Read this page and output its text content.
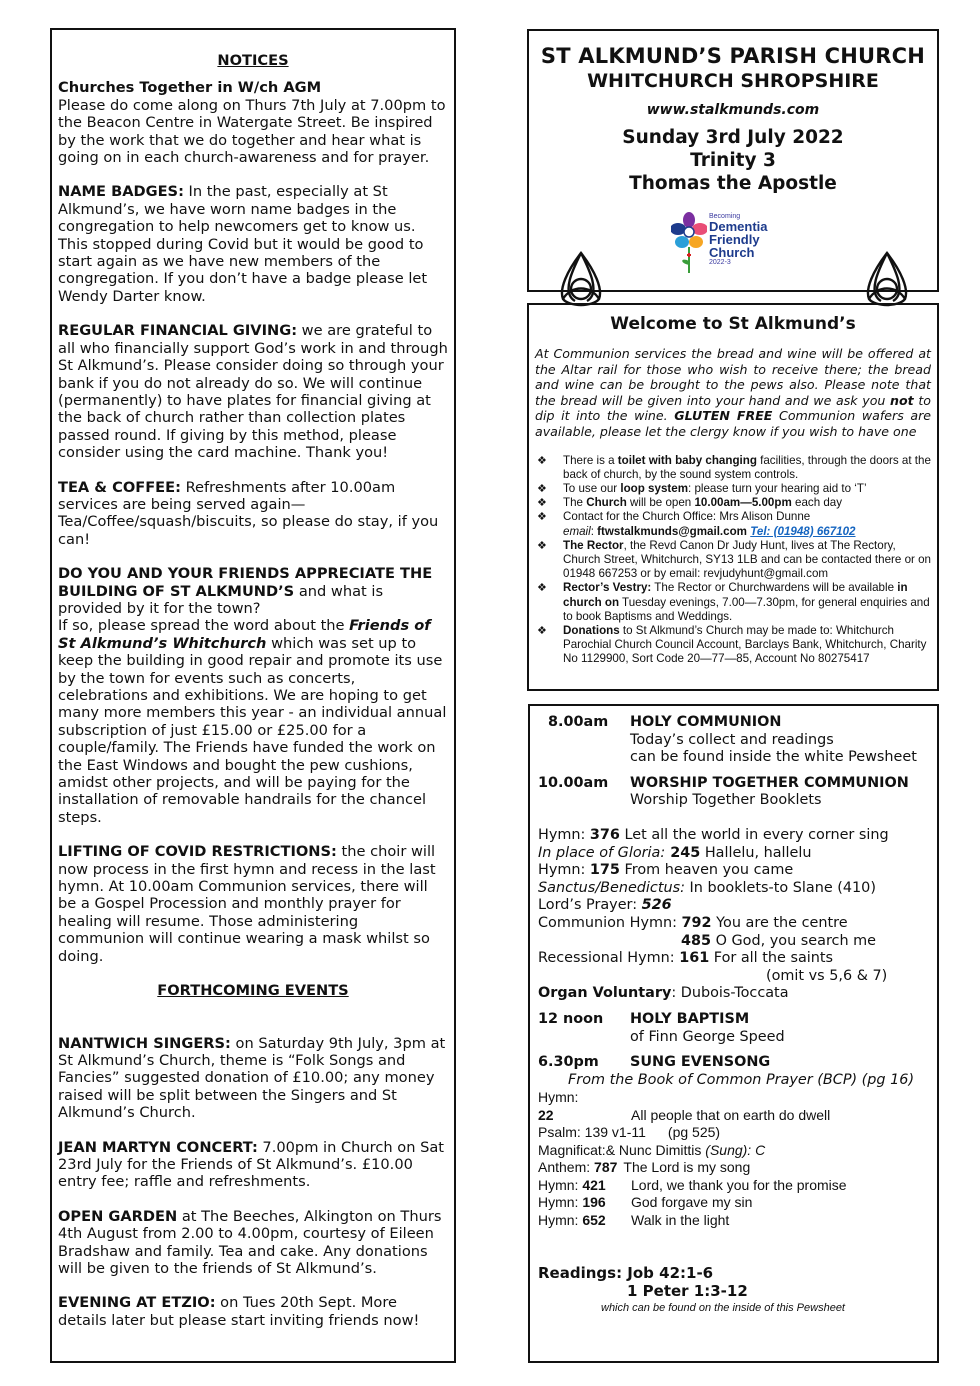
NOTICES
Churches Together in W/ch AGM
Please do come along on Thurs 7th July at 7.00pm to the Beacon Centre in Watergate Street. Be inspired by the work that we do together and hear what is going on in each church-awareness and for prayer.
NAME BADGES: In the past, especially at St Alkmund’s, we have worn name badges in the congregation to help newcomers get to know us. This stopped during Covid but it would be good to start again as we have new members of the congregation. If you don’t have a badge please let Wendy Darter know.
REGULAR FINANCIAL GIVING: we are grateful to all who financially support God’s work in and through St Alkmund’s. Please consider doing so through your bank if you do not already do so. We will continue (permanently) to have plates for financial giving at the back of church rather than collection plates passed round. If giving by this method, please consider using the card machine. Thank you!
TEA & COFFEE: Refreshments after 10.00am services are being served again—Tea/Coffee/squash/biscuits, so please do stay, if you can!
DO YOU AND YOUR FRIENDS APPRECIATE THE BUILDING OF ST ALKMUND’S and what is provided by it for the town?
If so, please spread the word about the Friends of St Alkmund’s Whitchurch which was set up to keep the building in good repair and promote its use by the town for events such as concerts, celebrations and exhibitions. We are hoping to get many more members this year - an individual annual subscription of just £15.00 or £25.00 for a couple/family. The Friends have funded the work on the East Windows and bought the pew cushions, amidst other projects, and will be paying for the installation of removable handrails for the chancel steps.
LIFTING OF COVID RESTRICTIONS: the choir will now process in the first hymn and recess in the last hymn. At 10.00am Communion services, there will be a Gospel Procession and monthly prayer for healing will resume. Those administering communion will continue wearing a mask whilst so doing.
FORTHCOMING EVENTS
NANTWICH SINGERS: on Saturday 9th July, 3pm at St Alkmund’s Church, theme is “Folk Songs and Fancies” suggested donation of £10.00; any money raised will be split between the Singers and St Alkmund’s Church.
JEAN MARTYN CONCERT: 7.00pm in Church on Sat 23rd July for the Friends of St Alkmund’s. £10.00 entry fee; raffle and refreshments.
OPEN GARDEN at The Beeches, Alkington on Thurs 4th August from 2.00 to 4.00pm, courtesy of Eileen Bradshaw and family. Tea and cake. Any donations will be given to the friends of St Alkmund’s.
EVENING AT ETZIO: on Tues 20th Sept. More details later but please start inviting friends now!
ST ALKMUND’S PARISH CHURCH
WHITCHURCH SHROPSHIRE
www.stalkmunds.com
Sunday 3rd July 2022
Trinity 3
Thomas the Apostle
Becoming
Dementia
Friendly
Church
2022-3
Welcome to St Alkmund’s
At Communion services the bread and wine will be offered at the Altar rail for those who wish to receive there; the bread and wine can be brought to the pews also. Please note that the bread will be given into your hand and we ask you not to dip it into the wine. GLUTEN FREE Communion wafers are available, please let the clergy know if you wish to have one
❖ There is a toilet with baby changing facilities, through the doors at the back of church, by the sound system controls.
❖ To use our loop system: please turn your hearing aid to ‘T’
❖ The Church will be open 10.00am—5.00pm each day
❖ Contact for the Church Office: Mrs Alison Dunne
email: ftwstalkmunds@gmail.com Tel: (01948) 667102
❖ The Rector, the Revd Canon Dr Judy Hunt, lives at The Rectory, Church Street, Whitchurch, SY13 1LB and can be contacted there or on 01948 667253 or by email: revjudyhunt@gmail.com
❖ Rector’s Vestry: The Rector or Churchwardens will be available in church on Tuesday evenings, 7.00—7.30pm, for general enquiries and to book Baptisms and Weddings.
❖ Donations to St Alkmund’s Church may be made to: Whitchurch Parochial Church Council Account, Barclays Bank, Whitchurch, Charity No 1129900, Sort Code 20—77—85, Account No 80275417
8.00am HOLY COMMUNION
Today’s collect and readings
can be found inside the white Pewsheet
10.00am WORSHIP TOGETHER COMMUNION
Worship Together Booklets
Hymn: 376 Let all the world in every corner sing
In place of Gloria: 245 Hallelu, hallelu
Hymn: 175 From heaven you came
Sanctus/Benedictus: In booklets-to Slane (410)
Lord’s Prayer: 526
Communion Hymn: 792 You are the centre
485 O God, you search me
Recessional Hymn: 161 For all the saints
(omit vs 5,6 & 7)
Organ Voluntary: Dubois-Toccata
12 noon HOLY BAPTISM
of Finn George Speed
6.30pm SUNG EVENSONG
From the Book of Common Prayer (BCP) (pg 16)
Hymn: 22	All people that on earth do dwell
Psalm: 139 v1-11 (pg 525)
Magnificat:& Nunc Dimittis (Sung): C
Anthem: 787 The Lord is my song
Hymn: 421 Lord, we thank you for the promise
Hymn: 196 God forgave my sin
Hymn: 652 Walk in the light
Readings: Job 42:1-6
1 Peter 1:3-12
which can be found on the inside of this Pewsheet
